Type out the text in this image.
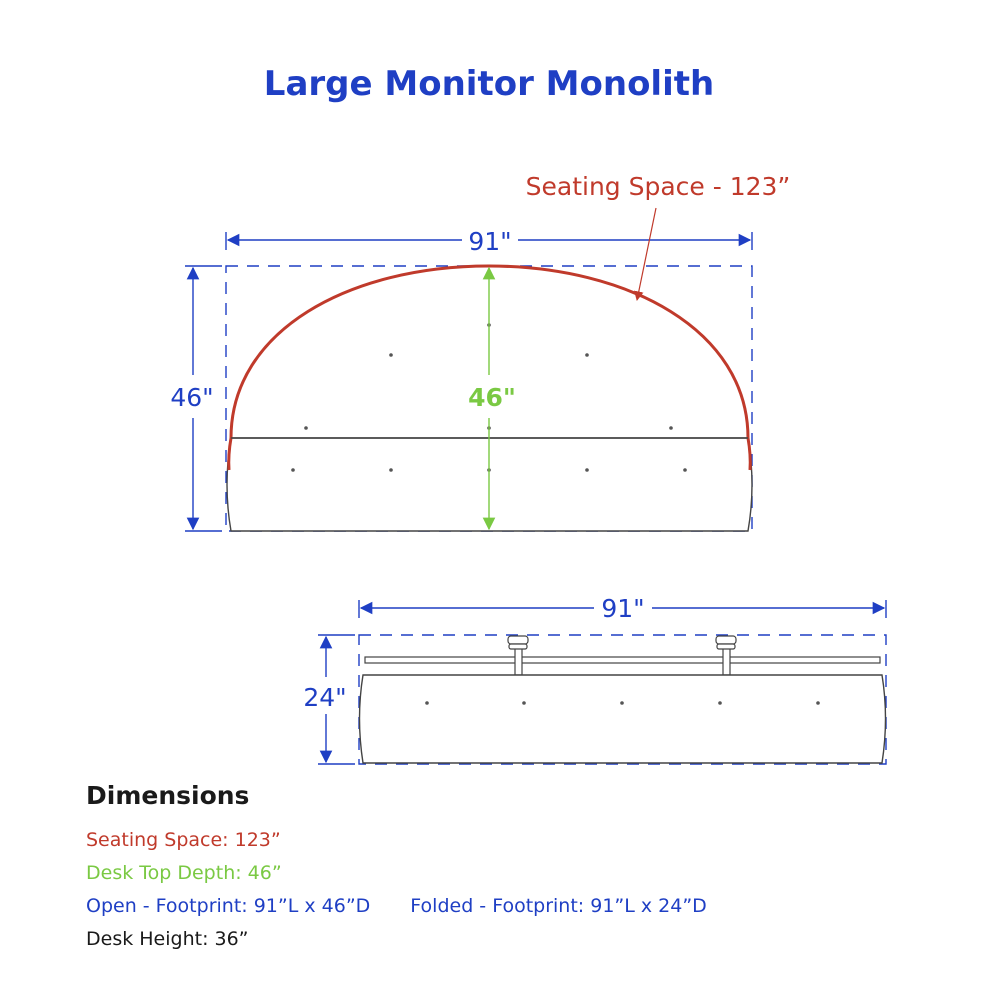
Large Monitor Monolith
91"
46"	46"
Seating Space - 123”
91"
24"
Dimensions
Seating Space: 123”
Desk Top Depth: 46”
Open - Footprint: 91”L x 46”D Folded - Footprint: 91”L x 24”D
Desk Height: 36”
